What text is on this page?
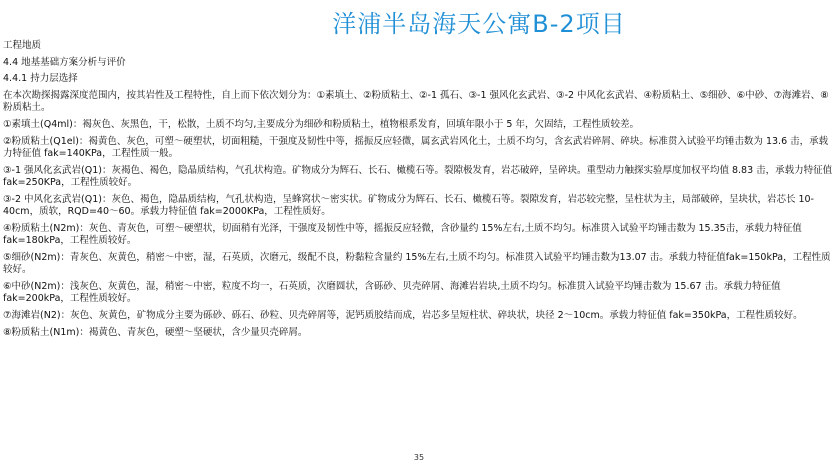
洋浦半岛海天公寓B-2项目

工程地质

4.4 地基基础方案分析与评价

4.4.1 持力层选择

在本次勘探揭露深度范围内，按其岩性及工程特性，自上而下依次划分为：①素填土、②粉质粘土、②-1 孤石、③-1 强风化玄武岩、③-2 中风化玄武岩、④粉质粘土、⑤细砂、⑥中砂、⑦海滩岩、⑧粉质粘土。

①素填土(Q4ml)：褐灰色、灰黑色，干，松散，土质不均匀,主要成分为细砂和粉质粘土，植物根系发育，回填年限小于 5 年，欠固结，工程性质较差。

②粉质粘土(Q1el)：褐黄色、灰色，可塑～硬塑状，切面粗糙，干强度及韧性中等，摇振反应轻微，属玄武岩风化土，土质不均匀，含玄武岩碎屑、碎块。标准贯入试验平均锤击数为 13.6 击，承载力特征值 fak=140KPa，工程性质一般。

③-1 强风化玄武岩(Q1)：灰褐色、褐色，隐晶质结构，气孔状构造。矿物成分为辉石、长石、橄榄石等。裂隙极发育，岩芯破碎，呈碎块。重型动力触探实验厚度加权平均值 8.83 击，承载力特征值 fak=250KPa，工程性质较好。

③-2 中风化玄武岩(Q1)：灰色、褐色，隐晶质结构，气孔状构造，呈蜂窝状～密实状。矿物成分为辉石、长石、橄榄石等。裂隙发育，岩芯较完整，呈柱状为主，局部破碎，呈块状，岩芯长 10-40cm，质软，RQD=40～60。承载力特征值 fak=2000KPa，工程性质好。

④粉质粘土(N2m)：灰色、青灰色，可塑～硬塑状，切面稍有光泽，干强度及韧性中等，摇振反应轻微，含砂量约 15%左右,土质不均匀。标准贯入试验平均锤击数为 15.35击，承载力特征值 fak=180kPa，工程性质较好。

⑤细砂(N2m)：青灰色、灰黄色，稍密～中密，湿，石英质，次磨元，级配不良，粉黏粒含量约 15%左右,土质不均匀。标准贯入试验平均锤击数为13.07 击。承载力特征值fak=150kPa，工程性质较好。

⑥中砂(N2m)：浅灰色、灰黄色，湿，稍密～中密，粒度不均一，石英质，次磨圆状，含砾砂、贝壳碎屑、海滩岩岩块,土质不均匀。标准贯入试验平均锤击数为 15.67 击。承载力特征值 fak=200kPa，工程性质较好。

⑦海滩岩(N2)：灰色、灰黄色，矿物成分主要为砾砂、砾石、砂粒、贝壳碎屑等，泥钙质胶结而成，岩芯多呈短柱状、碎块状，块径 2～10cm。承载力特征值 fak=350kPa，工程性质较好。

⑧粉质粘土(N1m)：褐黄色、青灰色，硬塑～坚硬状，含少量贝壳碎屑。

35
